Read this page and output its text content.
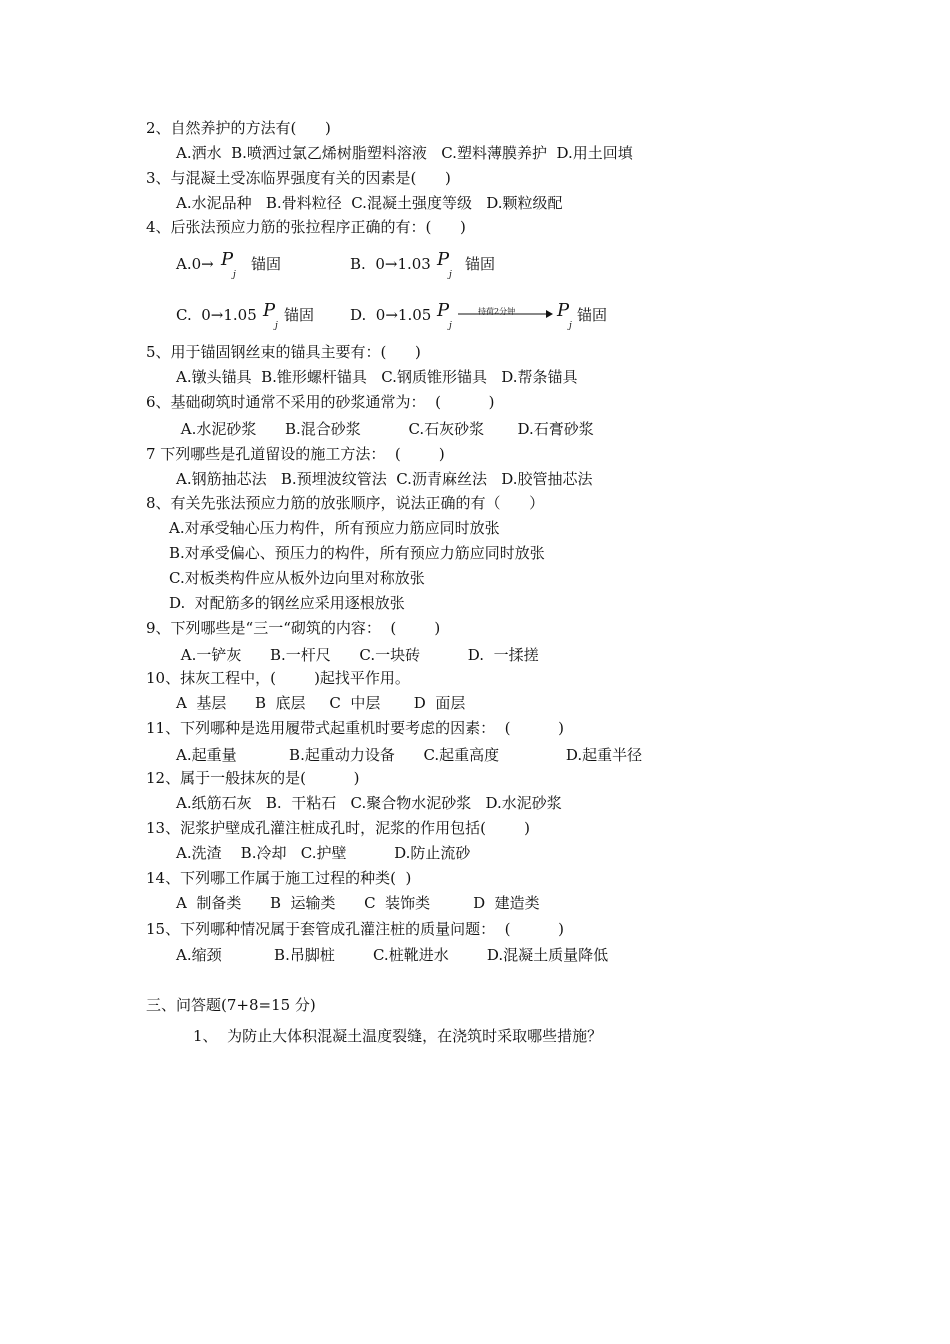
2、自然养护的方法有(      )
A.洒水  B.喷洒过氯乙烯树脂塑料溶液   C.塑料薄膜养护  D.用土回填
3、与混凝土受冻临界强度有关的因素是(      )
A.水泥品种   B.骨料粒径  C.混凝土强度等级   D.颗粒级配
4、后张法预应力筋的张拉程序正确的有：(      )
A.0→ P
j
锚固	B.  0→1.03 P
j
锚固
C.  0→1.05 P
j
锚固 D.  0→1.05 P
j
持荷2分钟 P
j
锚固
5、用于锚固钢丝束的锚具主要有：(      )
A.镦头锚具  B.锥形螺杆锚具   C.钢质锥形锚具   D.帮条锚具
6、基础砌筑时通常不采用的砂浆通常为：  (          )
A.水泥砂浆      B.混合砂浆          C.石灰砂浆       D.石膏砂浆
7 下列哪些是孔道留设的施工方法：  (        )
A.钢筋抽芯法   B.预埋波纹管法  C.沥青麻丝法   D.胶管抽芯法
8、有关先张法预应力筋的放张顺序，说法正确的有（      ）
A.对承受轴心压力构件，所有预应力筋应同时放张
B.对承受偏心、预压力的构件，所有预应力筋应同时放张
C.对板类构件应从板外边向里对称放张
D.  对配筋多的钢丝应采用逐根放张
9、下列哪些是“三一“砌筑的内容：  (        )
A.一铲灰      B.一杆尺      C.一块砖          D.  一揉搓
10、抹灰工程中，(        )起找平作用。
A  基层      B  底层     C  中层       D  面层
11、下列哪种是选用履带式起重机时要考虑的因素：  (          )
A.起重量           B.起重动力设备      C.起重高度              D.起重半径
12、属于一般抹灰的是(          )
A.纸筋石灰   B.  干粘石   C.聚合物水泥砂浆   D.水泥砂浆
13、泥浆护壁成孔灌注桩成孔时，泥浆的作用包括(        )
A.洗渣    B.冷却   C.护壁          D.防止流砂
14、下列哪工作属于施工过程的种类(  )
A  制备类      B  运输类      C  装饰类         D  建造类
15、下列哪种情况属于套管成孔灌注桩的质量问题：  (          )
A.缩颈           B.吊脚桩        C.桩靴进水        D.混凝土质量降低
三、问答题(7+8=15 分)
1、  为防止大体积混凝土温度裂缝，在浇筑时采取哪些措施？
